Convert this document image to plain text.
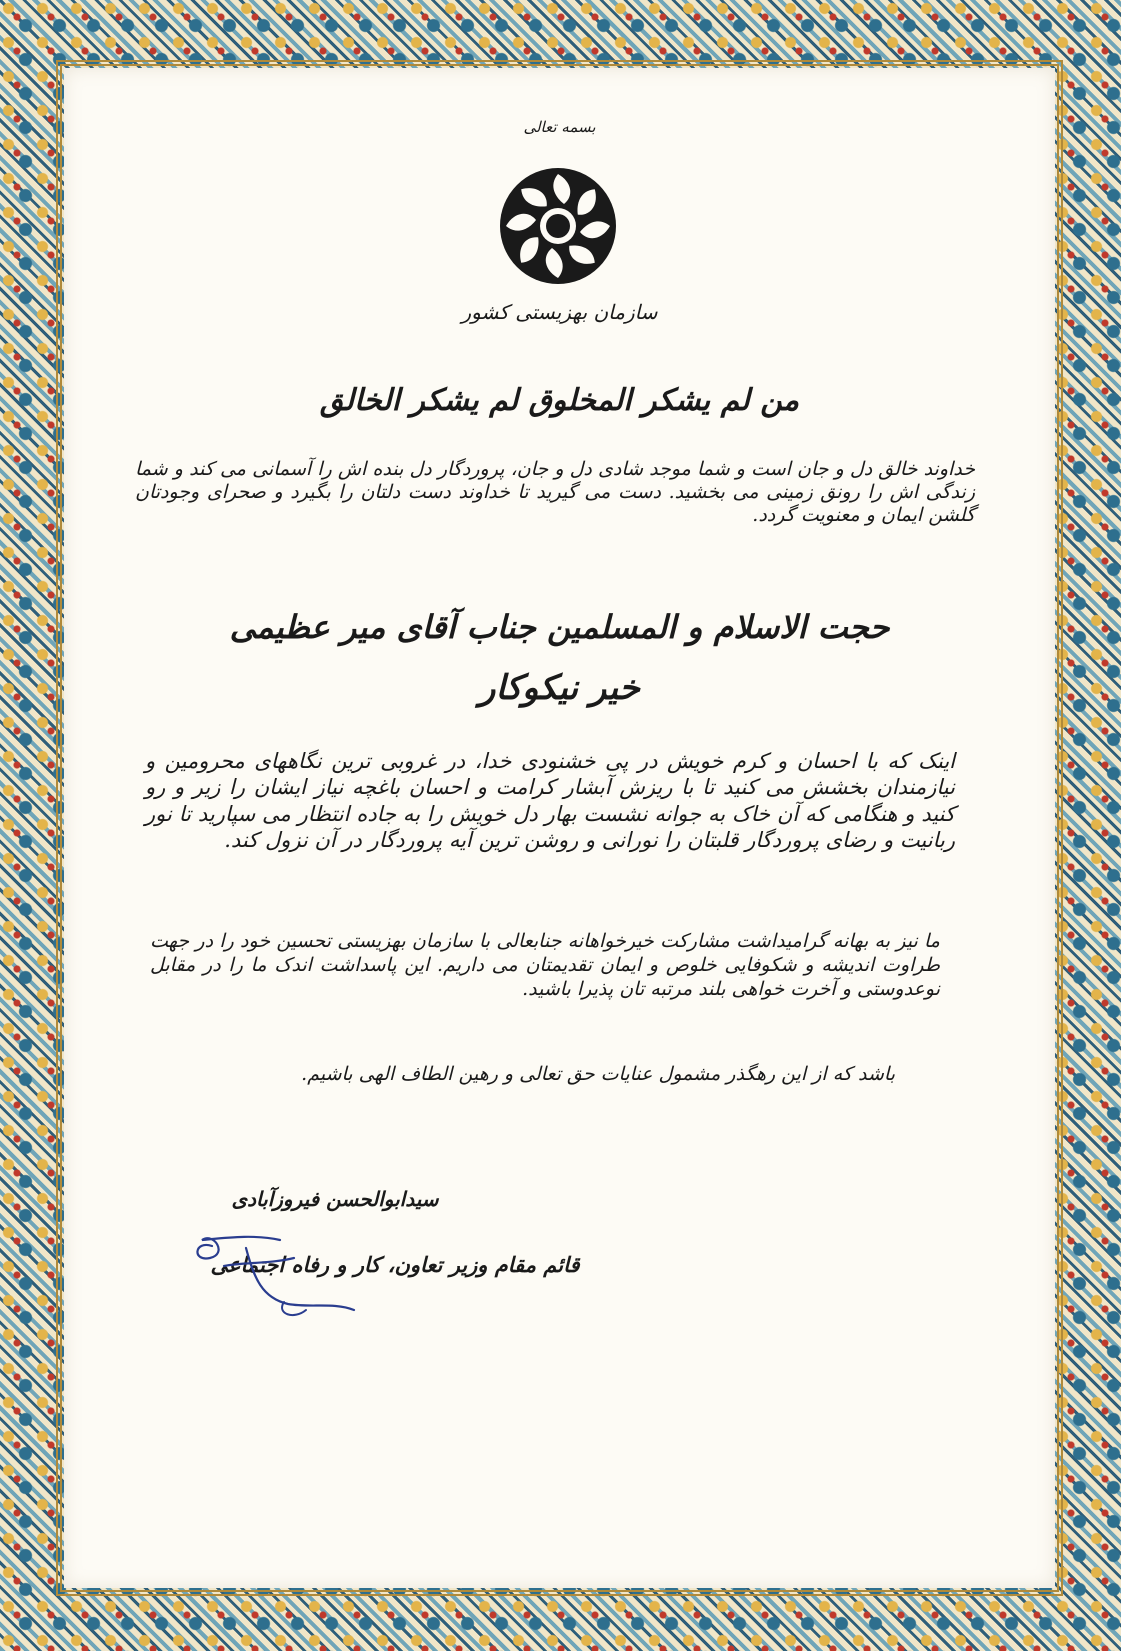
بسمه تعالی
سازمان بهزیستی کشور
من لم یشکر المخلوق لم یشکر الخالق
خداوند خالق دل و جان است و شما موجد شادی دل و جان، پروردگار دل بنده اش را آسمانی می کند و شما زندگی اش را رونق زمینی می بخشید. دست می گیرید تا خداوند دست دلتان را بگیرد و صحرای وجودتان گلشن ایمان و معنویت گردد.
حجت الاسلام و المسلمین جناب آقای میر عظیمی
خیر نیکوکار
اینک که با احسان و کرم خویش در پی خشنودی خدا، در غروبی ترین نگاههای محرومین و نیازمندان بخشش می کنید تا با ریزش آبشار کرامت و احسان باغچه نیاز ایشان را زیر و رو کنید و هنگامی که آن خاک به جوانه نشست بهار دل خویش را به جاده انتظار می سپارید تا نور ربانیت و رضای پروردگار قلبتان را نورانی و روشن ترین آیه پروردگار در آن نزول کند.
ما نیز به بهانه گرامیداشت مشارکت خیرخواهانه جنابعالی با سازمان بهزیستی تحسین خود را در جهت طراوت اندیشه و شکوفایی خلوص و ایمان تقدیمتان می داریم. این پاسداشت اندک ما را در مقابل نوعدوستی و آخرت خواهی بلند مرتبه تان پذیرا باشید.
باشد که از این رهگذر مشمول عنایات حق تعالی و رهین الطاف الهی باشیم.
سیدابوالحسن فیروزآبادی
قائم مقام وزیر تعاون، کار و رفاه اجتماعی
